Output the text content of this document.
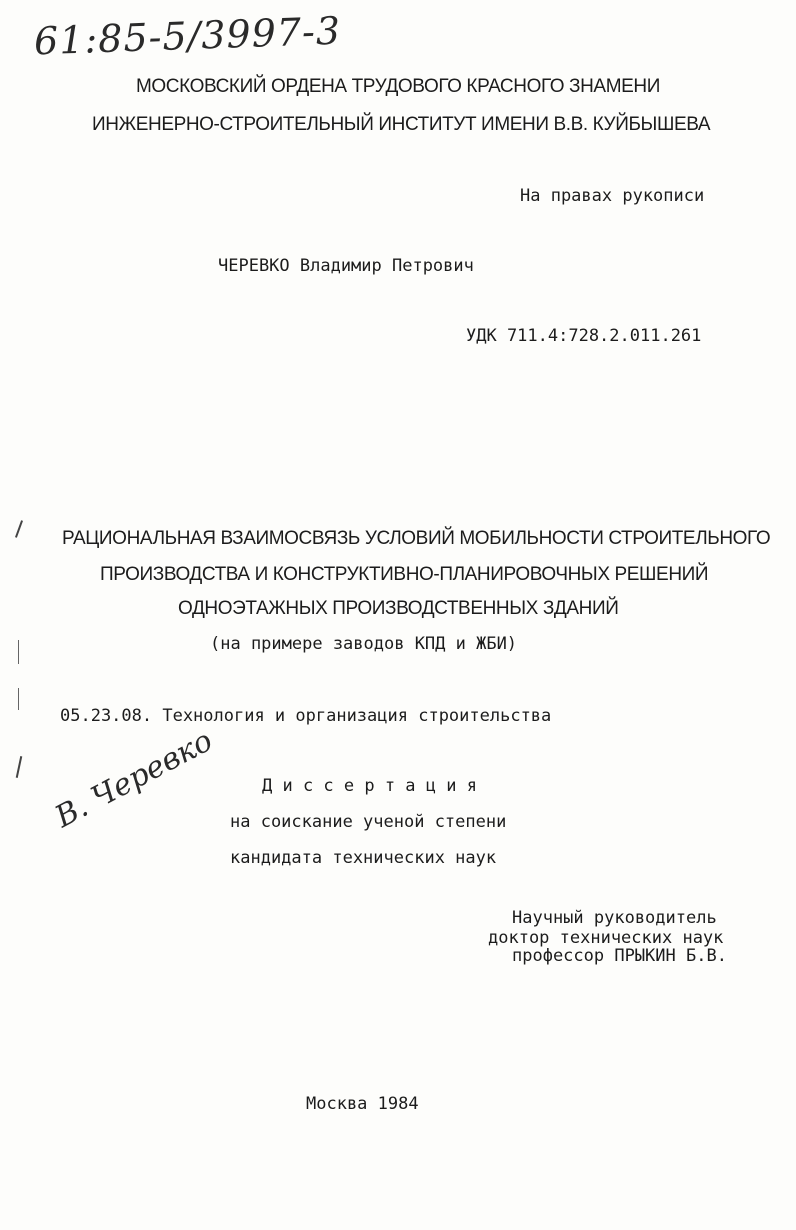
61:85-5/3997-3
МОСКОВСКИЙ ОРДЕНА ТРУДОВОГО КРАСНОГО ЗНАМЕНИ
ИНЖЕНЕРНО-СТРОИТЕЛЬНЫЙ ИНСТИТУТ ИМЕНИ В.В. КУЙБЫШЕВА
На правах рукописи
ЧЕРЕВКО Владимир Петрович
УДК 711.4:728.2.011.261
РАЦИОНАЛЬНАЯ ВЗАИМОСВЯЗЬ УСЛОВИЙ МОБИЛЬНОСТИ СТРОИТЕЛЬНОГО
ПРОИЗВОДСТВА И КОНСТРУКТИВНО-ПЛАНИРОВОЧНЫХ РЕШЕНИЙ
ОДНОЭТАЖНЫХ ПРОИЗВОДСТВЕННЫХ ЗДАНИЙ
(на примере заводов КПД и ЖБИ)
05.23.08. Технология и организация строительства
В. Черевко	Д и с с е р т а ц и я
на соискание ученой степени
кандидата технических наук
Научный руководитель
доктор технических наук
профессор ПРЫКИН Б.В.
Москва 1984
